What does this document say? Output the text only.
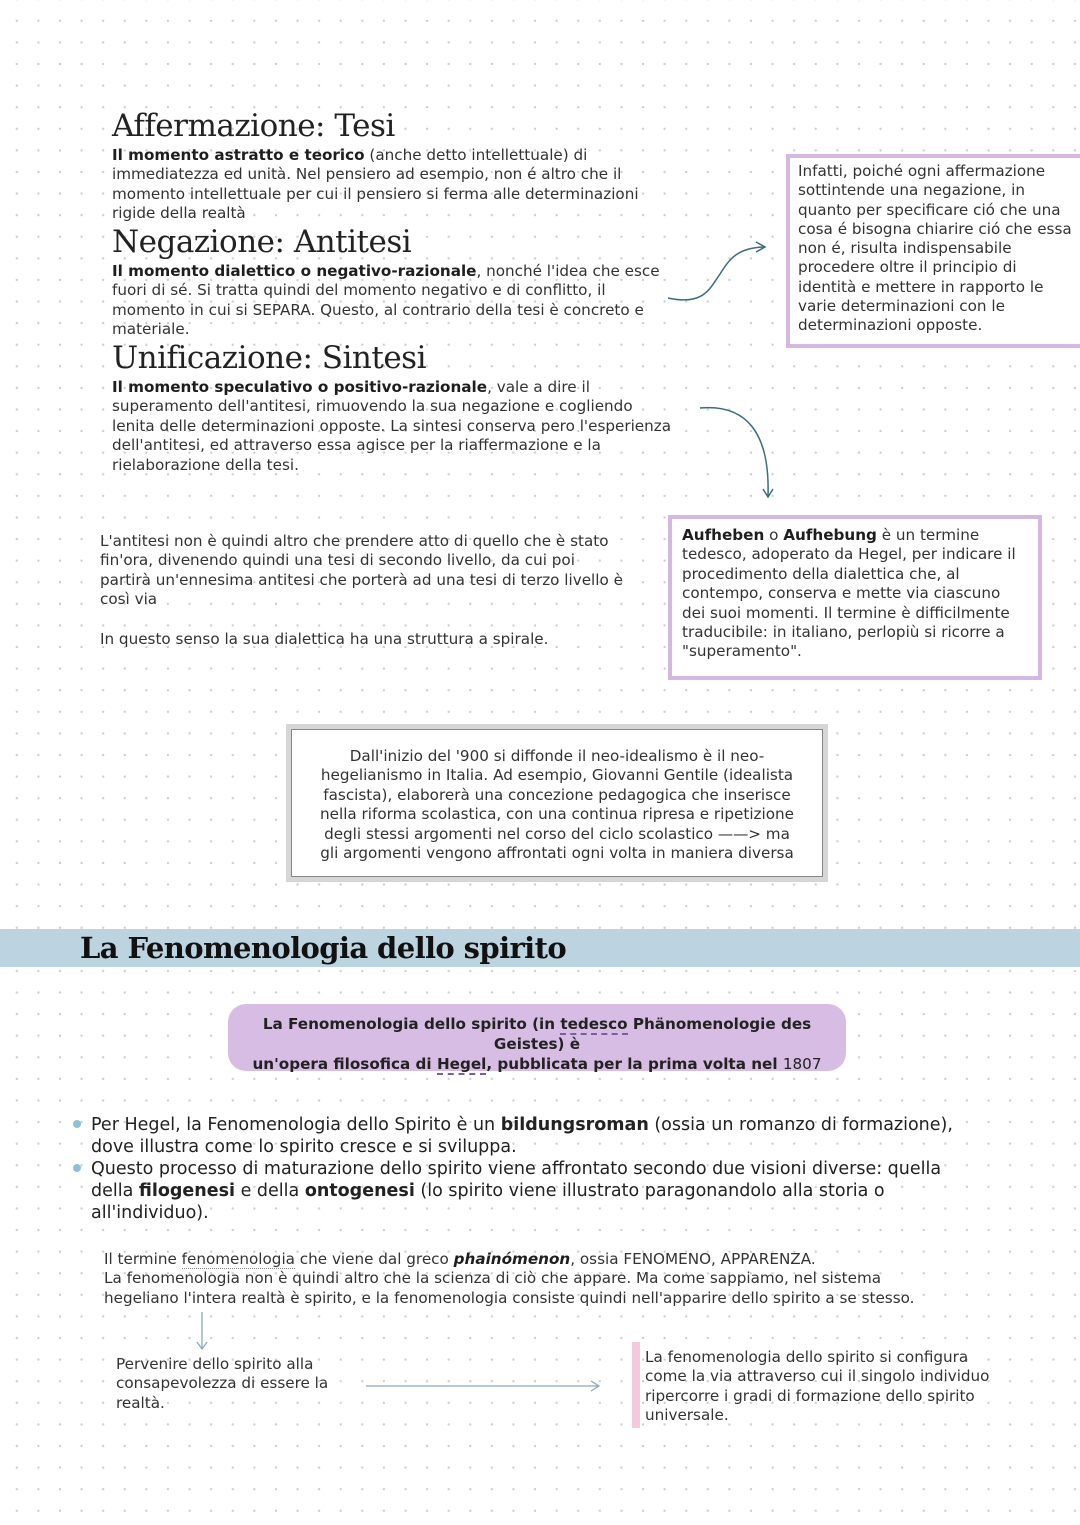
Affermazione: Tesi

Il momento astratto e teorico (anche detto intellettuale) di immediatezza ed unità. Nel pensiero ad esempio, non é altro che il momento intellettuale per cui il pensiero si ferma alle determinazioni rigide della realtà

Negazione: Antitesi

Il momento dialettico o negativo-razionale, nonché l'idea che esce fuori di sé. Si tratta quindi del momento negativo e di conflitto, il momento in cui si SEPARA. Questo, al contrario della tesi è concreto e materiale.

Unificazione: Sintesi

Il momento speculativo o positivo-razionale, vale a dire il superamento dell'antitesi, rimuovendo la sua negazione e cogliendo lenita delle determinazioni opposte. La sintesi conserva pero l'esperienza dell'antitesi, ed attraverso essa agisce per la riaffermazione e la rielaborazione della tesi.

Infatti, poiché ogni affermazione sottintende una negazione, in quanto per specificare ció che una cosa é bisogna chiarire ció che essa non é, risulta indispensabile procedere oltre il principio di identità e mettere in rapporto le varie determinazioni con le determinazioni opposte.

L'antitesi non è quindi altro che prendere atto di quello che è stato fin'ora, divenendo quindi una tesi di secondo livello, da cui poi partirà un'ennesima antitesi che porterà ad una tesi di terzo livello è così via

In questo senso la sua dialettica ha una struttura a spirale.

Aufheben o Aufhebung è un termine tedesco, adoperato da Hegel, per indicare il procedimento della dialettica che, al contempo, conserva e mette via ciascuno dei suoi momenti. Il termine è difficilmente traducibile: in italiano, perlopiù si ricorre a "superamento".

Dall'inizio del '900 si diffonde il neo-idealismo è il neo-hegelianismo in Italia. Ad esempio, Giovanni Gentile (idealista fascista), elaborerà una concezione pedagogica che inserisce nella riforma scolastica, con una continua ripresa e ripetizione degli stessi argomenti nel corso del ciclo scolastico ——> ma gli argomenti vengono affrontati ogni volta in maniera diversa

La Fenomenologia dello spirito
La Fenomenologia dello spirito (in tedesco Phänomenologie des Geistes) è
un'opera filosofica di Hegel, pubblicata per la prima volta nel 1807
Per Hegel, la Fenomenologia dello Spirito è un bildungsroman (ossia un romanzo di formazione), dove illustra come lo spirito cresce e si sviluppa.
Questo processo di maturazione dello spirito viene affrontato secondo due visioni diverse: quella della filogenesi e della ontogenesi (lo spirito viene illustrato paragonandolo alla storia o all'individuo).

Il termine fenomenologia che viene dal greco phainómenon, ossia FENOMENO, APPARENZA.

La fenomenologia non è quindi altro che la scienza di ciò che appare. Ma come sappiamo, nel sistema hegeliano l'intera realtà è spirito, e la fenomenologia consiste quindi nell'apparire dello spirito a se stesso.

Pervenire dello spirito alla consapevolezza di essere la realtà.

La fenomenologia dello spirito si configura come la via attraverso cui il singolo individuo ripercorre i gradi di formazione dello spirito universale.
